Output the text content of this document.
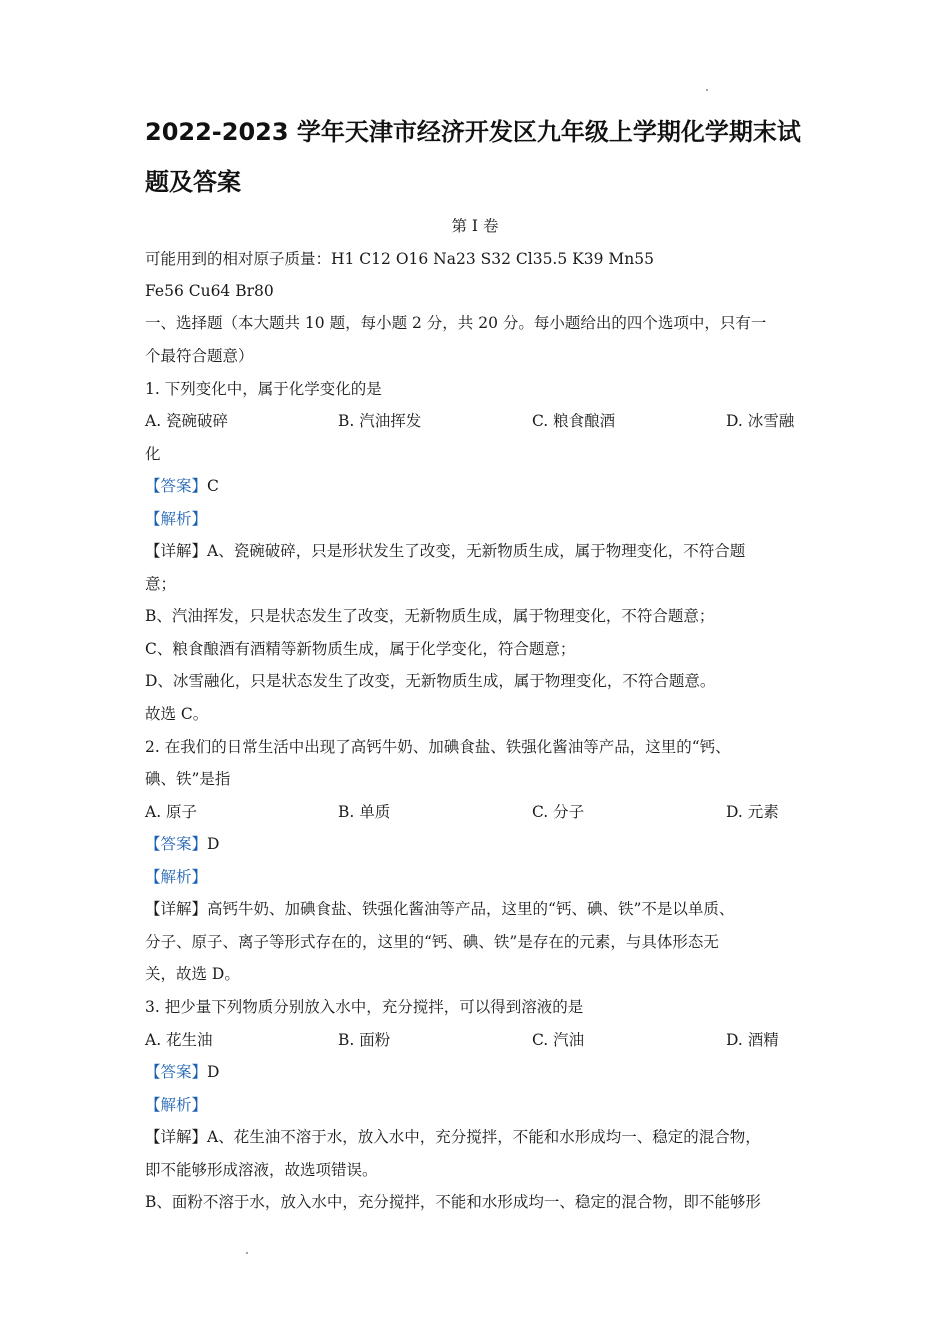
2022-2023 学年天津市经济开发区九年级上学期化学期末试
题及答案
第 I 卷
可能用到的相对原子质量：H1 C12 O16 Na23 S32 Cl35.5 K39 Mn55
Fe56 Cu64 Br80
一、选择题（本大题共 10 题，每小题 2 分，共 20 分。每小题给出的四个选项中，只有一
个最符合题意）
1. 下列变化中，属于化学变化的是
A. 瓷碗破碎	B. 汽油挥发	C. 粮食酿酒	D. 冰雪融
化
【答案】C
【解析】
【详解】A、瓷碗破碎，只是形状发生了改变，无新物质生成，属于物理变化，不符合题
意；
B、汽油挥发，只是状态发生了改变，无新物质生成，属于物理变化，不符合题意；
C、粮食酿酒有酒精等新物质生成，属于化学变化，符合题意；
D、冰雪融化，只是状态发生了改变，无新物质生成，属于物理变化，不符合题意。
故选 C。
2. 在我们的日常生活中出现了高钙牛奶、加碘食盐、铁强化酱油等产品，这里的“钙、
碘、铁”是指
A. 原子	B. 单质	C. 分子	D. 元素
【答案】D
【解析】
【详解】高钙牛奶、加碘食盐、铁强化酱油等产品，这里的“钙、碘、铁”不是以单质、
分子、原子、离子等形式存在的，这里的“钙、碘、铁”是存在的元素，与具体形态无
关，故选 D。
3. 把少量下列物质分别放入水中，充分搅拌，可以得到溶液的是
A. 花生油	B. 面粉	C. 汽油	D. 酒精
【答案】D
【解析】
【详解】A、花生油不溶于水，放入水中，充分搅拌，不能和水形成均一、稳定的混合物，
即不能够形成溶液，故选项错误。
B、面粉不溶于水，放入水中，充分搅拌，不能和水形成均一、稳定的混合物，即不能够形
